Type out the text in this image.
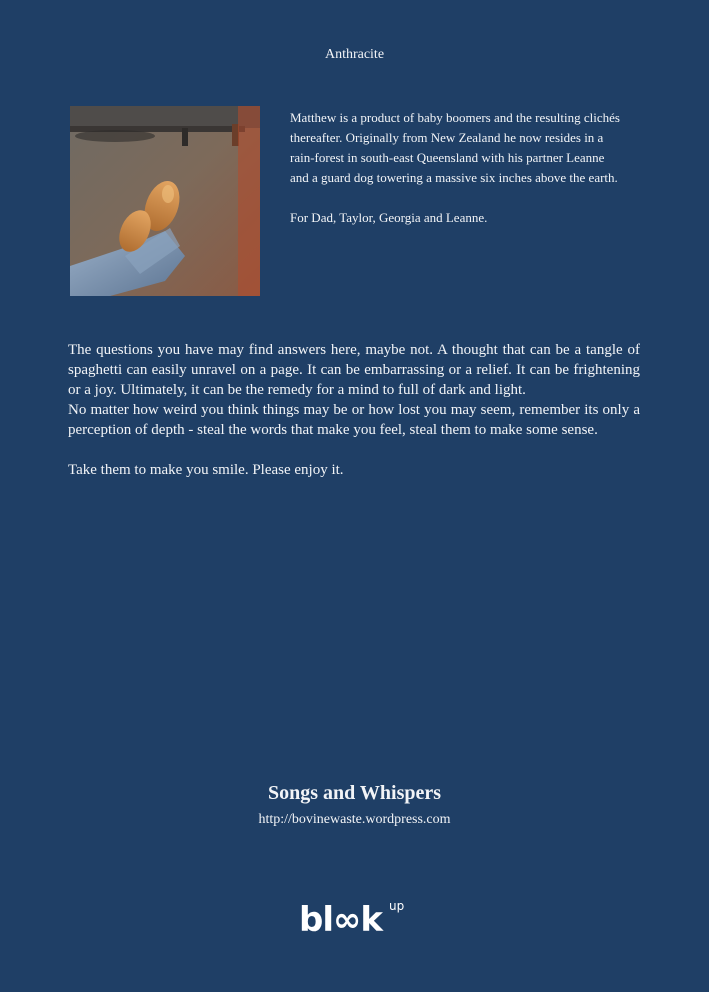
Anthracite

Matthew is a product of baby boomers and the resulting clichés thereafter. Originally from New Zealand he now resides in a rain-forest in south-east Queensland with his partner Leanne and a guard dog towering a massive six inches above the earth.

For Dad, Taylor, Georgia and Leanne.

The questions you have may find answers here, maybe not. A thought that can be a tangle of spaghetti can easily unravel on a page. It can be embarrassing or a relief. It can be frightening or a joy. Ultimately, it can be the remedy for a mind to full of dark and light.

No matter how weird you think things may be or how lost you may seem, remember its only a perception of depth - steal the words that make you feel, steal them to make some sense.

Take them to make you smile. Please enjoy it.

Songs and Whispers
http://bovinewaste.wordpress.com
bl∞k up
